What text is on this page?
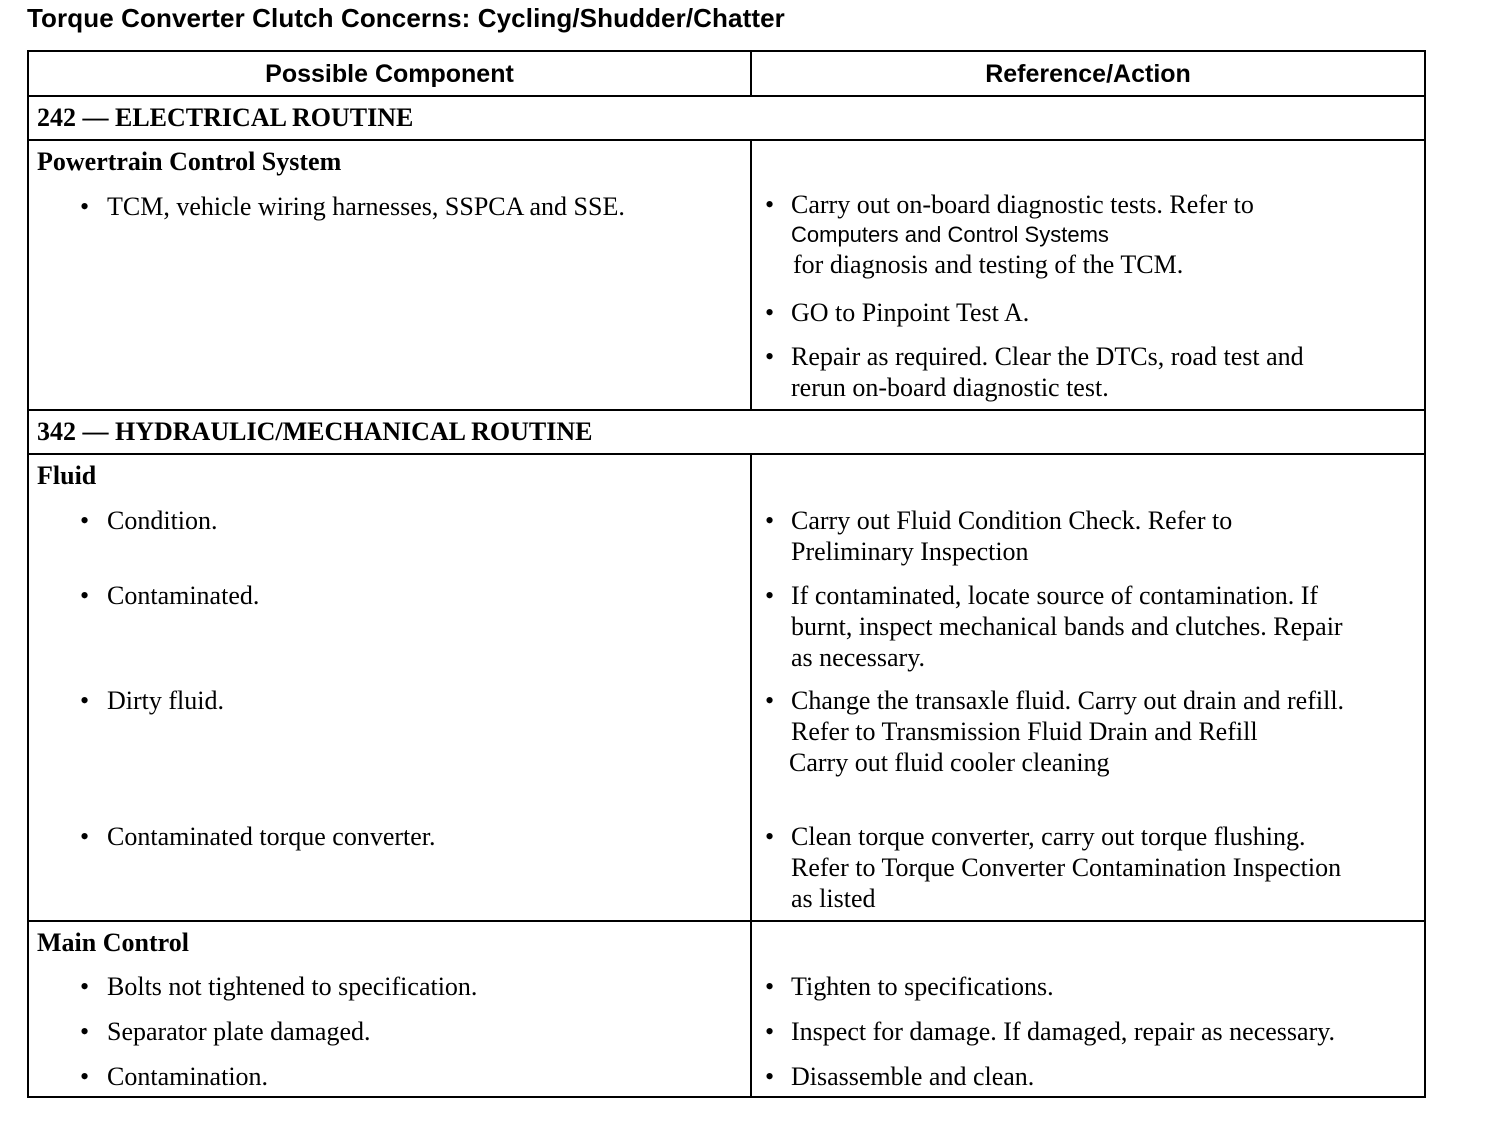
Torque Converter Clutch Concerns: Cycling/Shudder/Chatter
Possible Component	Reference/Action
242 — ELECTRICAL ROUTINE
Powertrain Control System
• TCM, vehicle wiring harnesses, SSPCA and SSE.	• Carry out on-board diagnostic tests. Refer to
Computers and Control Systems
for diagnosis and testing of the TCM.
• GO to Pinpoint Test A.
• Repair as required. Clear the DTCs, road test and
rerun on-board diagnostic test.
342 — HYDRAULIC/MECHANICAL ROUTINE
Fluid
• Condition.	• Carry out Fluid Condition Check. Refer to
Preliminary Inspection
• Contaminated.	• If contaminated, locate source of contamination. If
burnt, inspect mechanical bands and clutches. Repair
as necessary.
• Dirty fluid.	• Change the transaxle fluid. Carry out drain and refill.
Refer to Transmission Fluid Drain and Refill
Carry out fluid cooler cleaning
• Contaminated torque converter.	• Clean torque converter, carry out torque flushing.
Refer to Torque Converter Contamination Inspection
as listed
Main Control
• Bolts not tightened to specification.	• Tighten to specifications.
• Separator plate damaged.	• Inspect for damage. If damaged, repair as necessary.
• Contamination.	• Disassemble and clean.
